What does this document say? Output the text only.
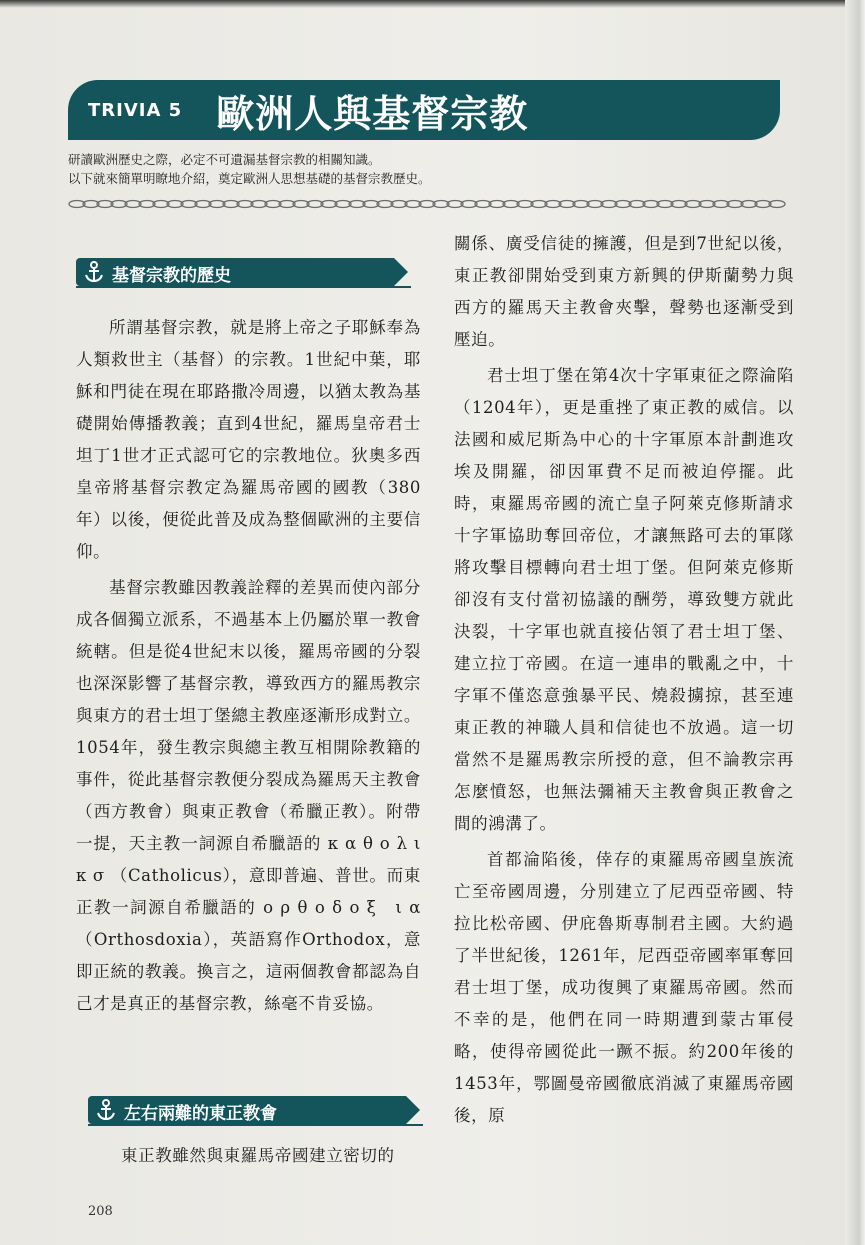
TRIVIA 5 歐洲人與基督宗教
研讀歐洲歷史之際，必定不可遺漏基督宗教的相關知識。
以下就來簡單明瞭地介紹，奠定歐洲人思想基礎的基督宗教歷史。
基督宗教的歷史

所謂基督宗教，就是將上帝之子耶穌奉為人類救世主（基督）的宗教。1世紀中葉，耶穌和門徒在現在耶路撒冷周邊，以猶太教為基礎開始傳播教義；直到4世紀，羅馬皇帝君士坦丁1世才正式認可它的宗教地位。狄奧多西皇帝將基督宗教定為羅馬帝國的國教（380年）以後，便從此普及成為整個歐洲的主要信仰。

基督宗教雖因教義詮釋的差異而使內部分成各個獨立派系，不過基本上仍屬於單一教會統轄。但是從4世紀末以後，羅馬帝國的分裂也深深影響了基督宗教，導致西方的羅馬教宗與東方的君士坦丁堡總主教座逐漸形成對立。1054年，發生教宗與總主教互相開除教籍的事件，從此基督宗教便分裂成為羅馬天主教會（西方教會）與東正教會（希臘正教）。附帶一提，天主教一詞源自希臘語的 κ α θ ο λ ι κ σ （Catholicus），意即普遍、普世。而東正教一詞源自希臘語的 ο ρ θ ο δ ο ξ　ι α （Orthosdoxia），英語寫作Orthodox，意即正統的教義。換言之，這兩個教會都認為自己才是真正的基督宗教，絲毫不肯妥協。

左右兩難的東正教會

東正教雖然與東羅馬帝國建立密切的

關係、廣受信徒的擁護，但是到7世紀以後，東正教卻開始受到東方新興的伊斯蘭勢力與西方的羅馬天主教會夾擊，聲勢也逐漸受到壓迫。

君士坦丁堡在第4次十字軍東征之際淪陷（1204年），更是重挫了東正教的威信。以法國和威尼斯為中心的十字軍原本計劃進攻埃及開羅，卻因軍費不足而被迫停擺。此時，東羅馬帝國的流亡皇子阿萊克修斯請求十字軍協助奪回帝位，才讓無路可去的軍隊將攻擊目標轉向君士坦丁堡。但阿萊克修斯卻沒有支付當初協議的酬勞，導致雙方就此決裂，十字軍也就直接佔領了君士坦丁堡、建立拉丁帝國。在這一連串的戰亂之中，十字軍不僅恣意強暴平民、燒殺擄掠，甚至連東正教的神職人員和信徒也不放過。這一切當然不是羅馬教宗所授的意，但不論教宗再怎麼憤怒，也無法彌補天主教會與正教會之間的鴻溝了。

首都淪陷後，倖存的東羅馬帝國皇族流亡至帝國周邊，分別建立了尼西亞帝國、特拉比松帝國、伊庇魯斯專制君主國。大約過了半世紀後，1261年，尼西亞帝國率軍奪回君士坦丁堡，成功復興了東羅馬帝國。然而不幸的是，他們在同一時期遭到蒙古軍侵略，使得帝國從此一蹶不振。約200年後的1453年，鄂圖曼帝國徹底消滅了東羅馬帝國後，原

208
